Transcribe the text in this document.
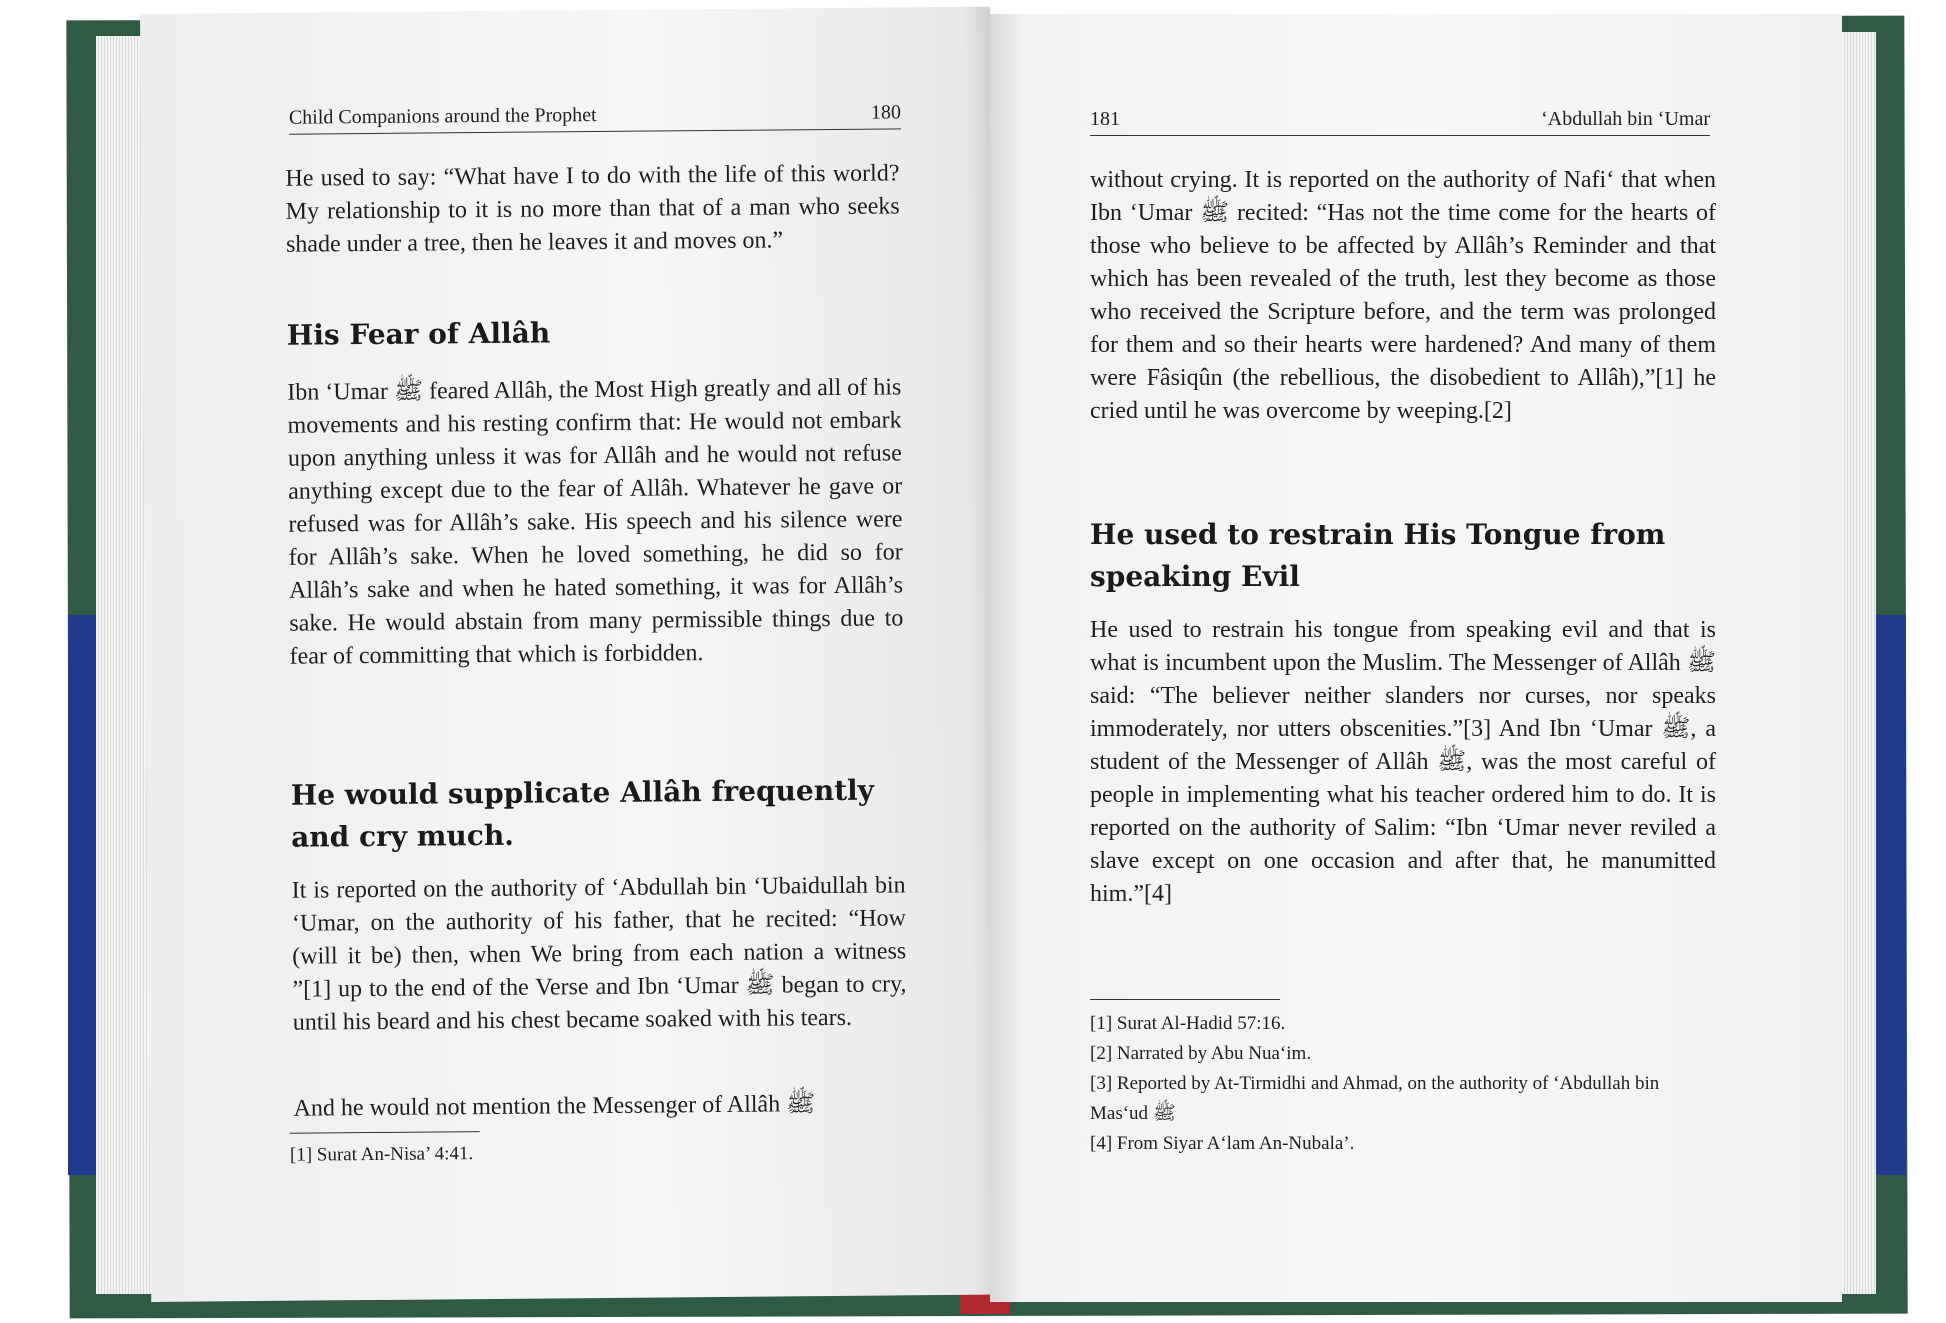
Child Companions around the Prophet	180
He used to say: “What have I to do with the life of this world? My relationship to it is no more than that of a man who seeks shade under a tree, then he leaves it and moves on.”
His Fear of Allâh
Ibn ‘Umar ﷺ feared Allâh, the Most High greatly and all of his movements and his resting confirm that: He would not embark upon anything unless it was for Allâh and he would not refuse anything except due to the fear of Allâh. Whatever he gave or refused was for Allâh’s sake. His speech and his silence were for Allâh’s sake. When he loved something, he did so for Allâh’s sake and when he hated something, it was for Allâh’s sake. He would abstain from many permissible things due to fear of committing that which is forbidden.
He would supplicate Allâh frequently and cry much.
It is reported on the authority of ‘Abdullah bin ‘Ubaidullah bin ‘Umar, on the authority of his father, that he recited: “How (will it be) then, when We bring from each nation a witness ”[1] up to the end of the Verse and Ibn ‘Umar ﷺ began to cry, until his beard and his chest became soaked with his tears.
And he would not mention the Messenger of Allâh ﷺ
[1] Surat An-Nisa’ 4:41.
181	‘Abdullah bin ‘Umar
without crying. It is reported on the authority of Nafi‘ that when Ibn ‘Umar ﷺ recited: “Has not the time come for the hearts of those who believe to be affected by Allâh’s Reminder and that which has been revealed of the truth, lest they become as those who received the Scripture before, and the term was prolonged for them and so their hearts were hardened? And many of them were Fâsiqûn (the rebellious, the disobedient to Allâh),”[1] he cried until he was overcome by weeping.[2]
He used to restrain His Tongue from speaking Evil
He used to restrain his tongue from speaking evil and that is what is incumbent upon the Muslim. The Messenger of Allâh ﷺ said: “The believer neither slanders nor curses, nor speaks immoderately, nor utters obscenities.”[3] And Ibn ‘Umar ﷺ, a student of the Messenger of Allâh ﷺ, was the most careful of people in implementing what his teacher ordered him to do. It is reported on the authority of Salim: “Ibn ‘Umar never reviled a slave except on one occasion and after that, he manumitted him.”[4]
[1] Surat Al-Hadid 57:16.
[2] Narrated by Abu Nua‘im.
[3] Reported by At-Tirmidhi and Ahmad, on the authority of ‘Abdullah bin Mas‘ud ﷺ
[4] From Siyar A‘lam An-Nubala’.
